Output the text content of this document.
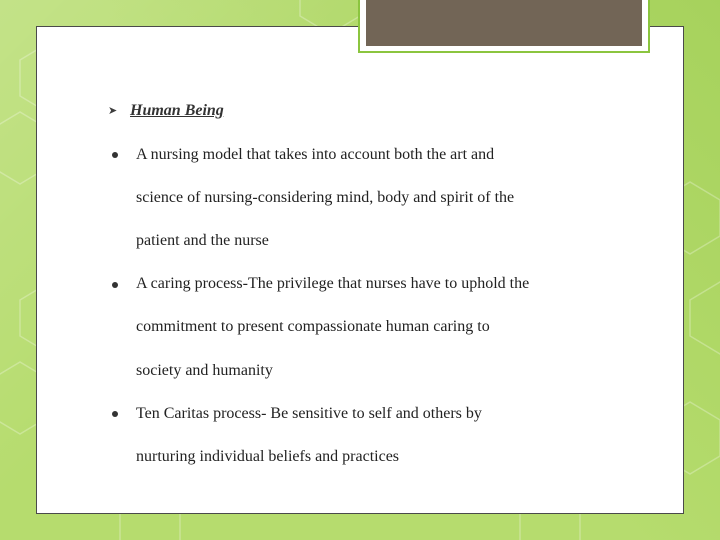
➤ Human Being
A nursing model that takes into account both the art and
science of nursing-considering mind, body and spirit of the
patient and the nurse
A caring process-The privilege that nurses have to uphold the
commitment to present compassionate human caring to
society and humanity
Ten Caritas process- Be sensitive to self and others by
nurturing individual beliefs and practices
